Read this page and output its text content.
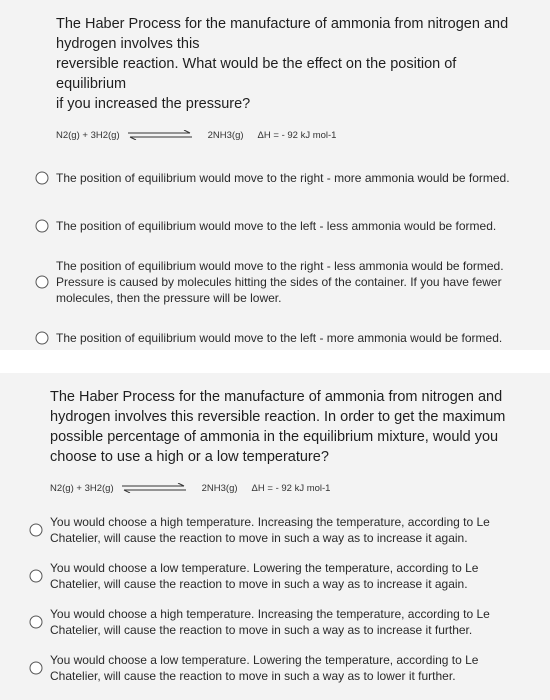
The Haber Process for the manufacture of ammonia from nitrogen and
hydrogen involves this
reversible reaction. What would be the effect on the position of equilibrium
if you increased the pressure?

N2(g) + 3H2(g)	2NH3(g) ΔH = - 92 kJ mol-1
The position of equilibrium would move to the right - more ammonia would be formed.
The position of equilibrium would move to the left - less ammonia would be formed.
The position of equilibrium would move to the right - less ammonia would be formed. Pressure is caused by molecules hitting the sides of the container. If you have fewer molecules, then the pressure will be lower.
The position of equilibrium would move to the left - more ammonia would be formed.

The Haber Process for the manufacture of ammonia from nitrogen and hydrogen involves this reversible reaction. In order to get the maximum possible percentage of ammonia in the equilibrium mixture, would you choose to use a high or a low temperature?

N2(g) + 3H2(g)	2NH3(g) ΔH = - 92 kJ mol-1
You would choose a high temperature. Increasing the temperature, according to Le Chatelier, will cause the reaction to move in such a way as to increase it again.
You would choose a low temperature. Lowering the temperature, according to Le Chatelier, will cause the reaction to move in such a way as to increase it again.
You would choose a high temperature. Increasing the temperature, according to Le Chatelier, will cause the reaction to move in such a way as to increase it further.
You would choose a low temperature. Lowering the temperature, according to Le Chatelier, will cause the reaction to move in such a way as to lower it further.
